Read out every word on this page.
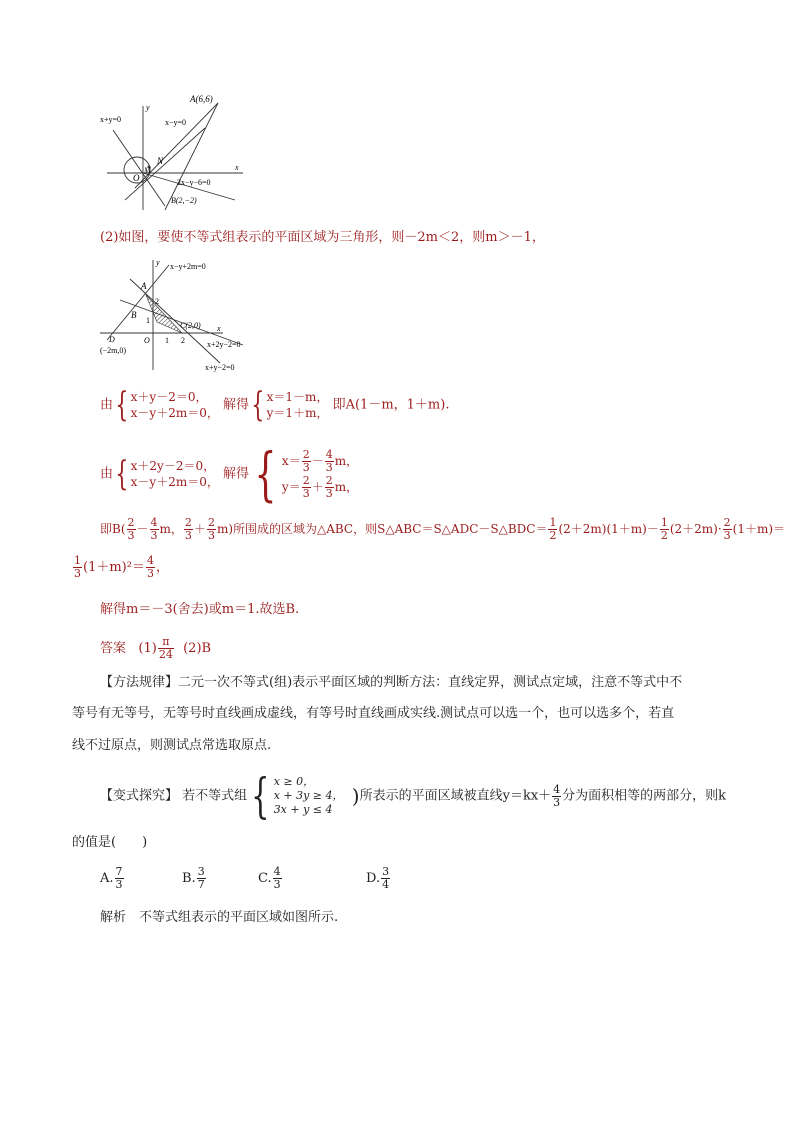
A(6,6)
x+y=0	x−y=0
y
N
O
M
2x−y−6=0
B(2,−2)
x
(2)如图，要使不等式组表示的平面区域为三角形，则－2m＜2，则m＞－1，
y x−y+2m=0
A
2
B
1
C(2,0)
D	O 1 2
x
(−2m,0)
x+2y−2=0
x+y−2=0
由{ x＋y－2＝0，
x－y＋2m＝0， 解得{ x＝1－m，
y＝1＋m， 即A(1－m，1＋m).
由{ x＋2y－2＝0，
x－y＋2m＝0， 解得{ $x= \frac{2}{3} - \frac{4}{3}$ m，
$y= \frac{2}{3} + \frac{2}{3}$ m，
即$B( \frac{2}{3} - \frac{4}{3}$ m， $\frac{2}{3} + \frac{2}{3} m$)所围成的区域为△ABC，则S△ABC＝S△ADC－S△BDC＝ $\frac{1}{2} (2+2m)(1+m)- \frac{1}{2} (2+2m)\cdot \frac{2}{3} (1+m)=$
$\frac{1}{3} (1+m)^2= \frac{4}{3}$ ，
解得m＝－3(舍去)或m＝1.故选B.
答案 $(1) \frac{\pi}{24} (2)B$
【方法规律】二元一次不等式(组)表示平面区域的判断方法：直线定界，测试点定域，注意不等式中不
等号有无等号，无等号时直线画成虚线，有等号时直线画成实线.测试点可以选一个，也可以选多个，若直
线不过原点，则测试点常选取原点.
【变式探究】 若不等式组{ x ≥ 0，
x + 3y ≥ 4，
3x + y ≤ 4  )所表示的平面区域被直线$y=kx+ \frac{4}{3}$ 分为面积相等的两部分，则k
的值是(　　)
A. $\frac{7}{3}$	B. $\frac{3}{7}$	C. $\frac{4}{3}$	D. $\frac{3}{4}$
解析　不等式组表示的平面区域如图所示.
